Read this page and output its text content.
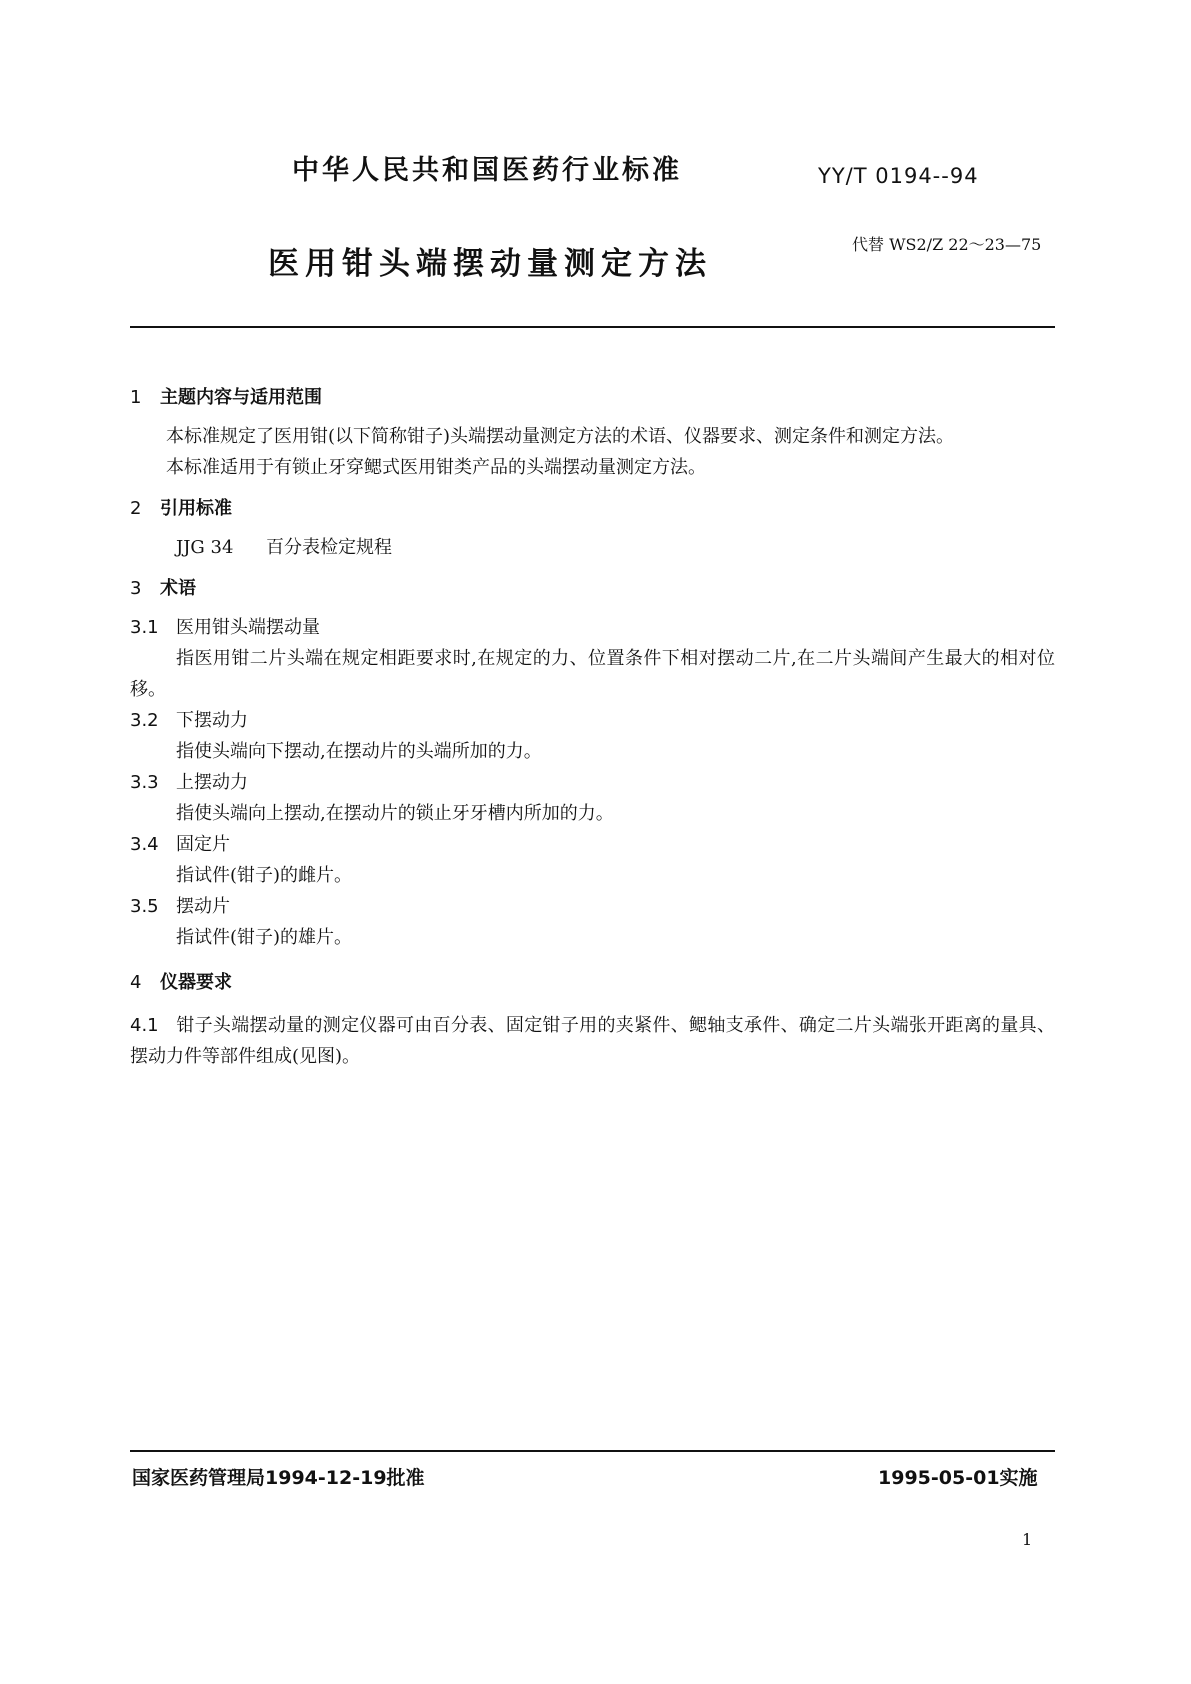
中华人民共和国医药行业标准	YY/T 0194--94
医用钳头端摆动量测定方法
代替 WS2/Z 22～23—75
1 主题内容与适用范围
本标准规定了医用钳(以下简称钳子)头端摆动量测定方法的术语、仪器要求、测定条件和测定方法。
本标准适用于有锁止牙穿鳃式医用钳类产品的头端摆动量测定方法。
2 引用标准
JJG 34 百分表检定规程
3 术语
3.1 医用钳头端摆动量
指医用钳二片头端在规定相距要求时,在规定的力、位置条件下相对摆动二片,在二片头端间产生最大的相对位移。
3.2 下摆动力
指使头端向下摆动,在摆动片的头端所加的力。
3.3 上摆动力
指使头端向上摆动,在摆动片的锁止牙牙槽内所加的力。
3.4 固定片
指试件(钳子)的雌片。
3.5 摆动片
指试件(钳子)的雄片。
4 仪器要求
4.1 钳子头端摆动量的测定仪器可由百分表、固定钳子用的夹紧件、鳃轴支承件、确定二片头端张开距离的量具、摆动力件等部件组成(见图)。
国家医药管理局1994-12-19批准	1995-05-01实施
1
